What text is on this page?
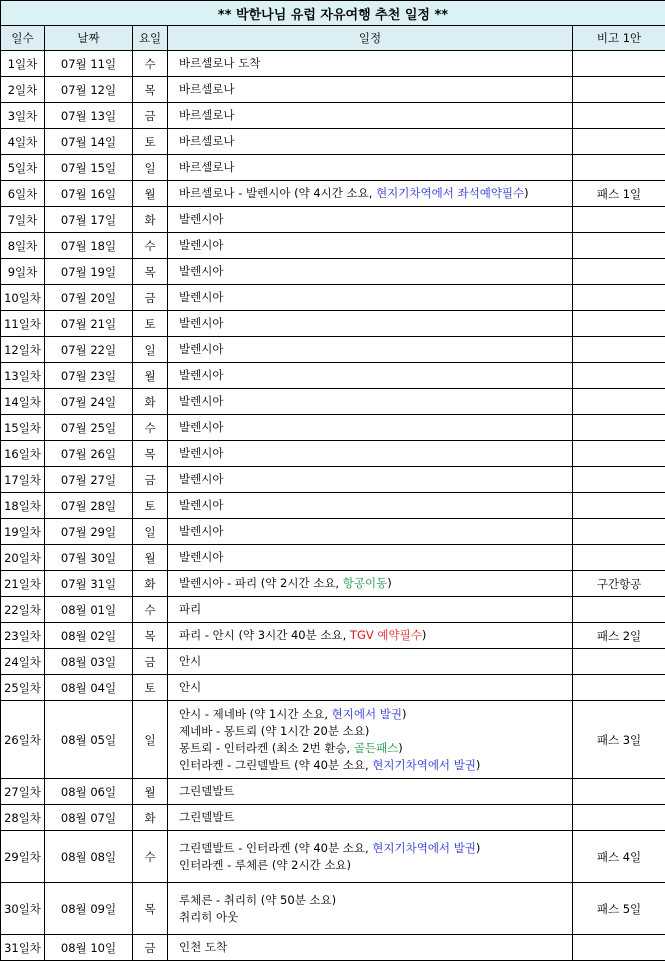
** 박한나님 유럽 자유여행 추천 일정 **				
일수	날짜	요일	일정	비고 1안
1일차	07월 11일	수	바르셀로나 도착	

2일차	07월 12일	목	바르셀로나	

3일차	07월 13일	금	바르셀로나	

4일차	07월 14일	토	바르셀로나	

5일차	07월 15일	일	바르셀로나	

6일차	07월 16일	월	바르셀로나 - 발렌시아 (약 4시간 소요, 현지기차역에서 좌석예약필수)	패스 1일
7일차	07월 17일	화	발렌시아	

8일차	07월 18일	수	발렌시아	

9일차	07월 19일	목	발렌시아	

10일차	07월 20일	금	발렌시아	

11일차	07월 21일	토	발렌시아	

12일차	07월 22일	일	발렌시아	

13일차	07월 23일	월	발렌시아	

14일차	07월 24일	화	발렌시아	

15일차	07월 25일	수	발렌시아	

16일차	07월 26일	목	발렌시아	

17일차	07월 27일	금	발렌시아	

18일차	07월 28일	토	발렌시아	

19일차	07월 29일	일	발렌시아	

20일차	07월 30일	월	발렌시아	

21일차	07월 31일	화	발렌시아 - 파리 (약 2시간 소요, 항공이동)	구간항공
22일차	08월 01일	수	파리	

23일차	08월 02일	목	파리 - 안시 (약 3시간 40분 소요, TGV 예약필수)	패스 2일
24일차	08월 03일	금	안시	

25일차	08월 04일	토	안시	

26일차	08월 05일	일	안시 - 제네바 (약 1시간 소요, 현지에서 발권)
제네바 - 몽트뢰 (약 1시간 20분 소요)
몽트뢰 - 인터라켄 (최소 2번 환승, 골든패스)
인터라켄 - 그린델발트 (약 40분 소요, 현지기차역에서 발권)	패스 3일
27일차	08월 06일	월	그린델발트	

28일차	08월 07일	화	그린델발트	

29일차	08월 08일	수	그린델발트 - 인터라켄 (약 40분 소요, 현지기차역에서 발권)
인터라켄 - 루체른 (약 2시간 소요)	패스 4일
30일차	08월 09일	목	루체른 - 취리히 (약 50분 소요)
취리히 아웃	패스 5일
31일차	08월 10일	금	인천 도착	
